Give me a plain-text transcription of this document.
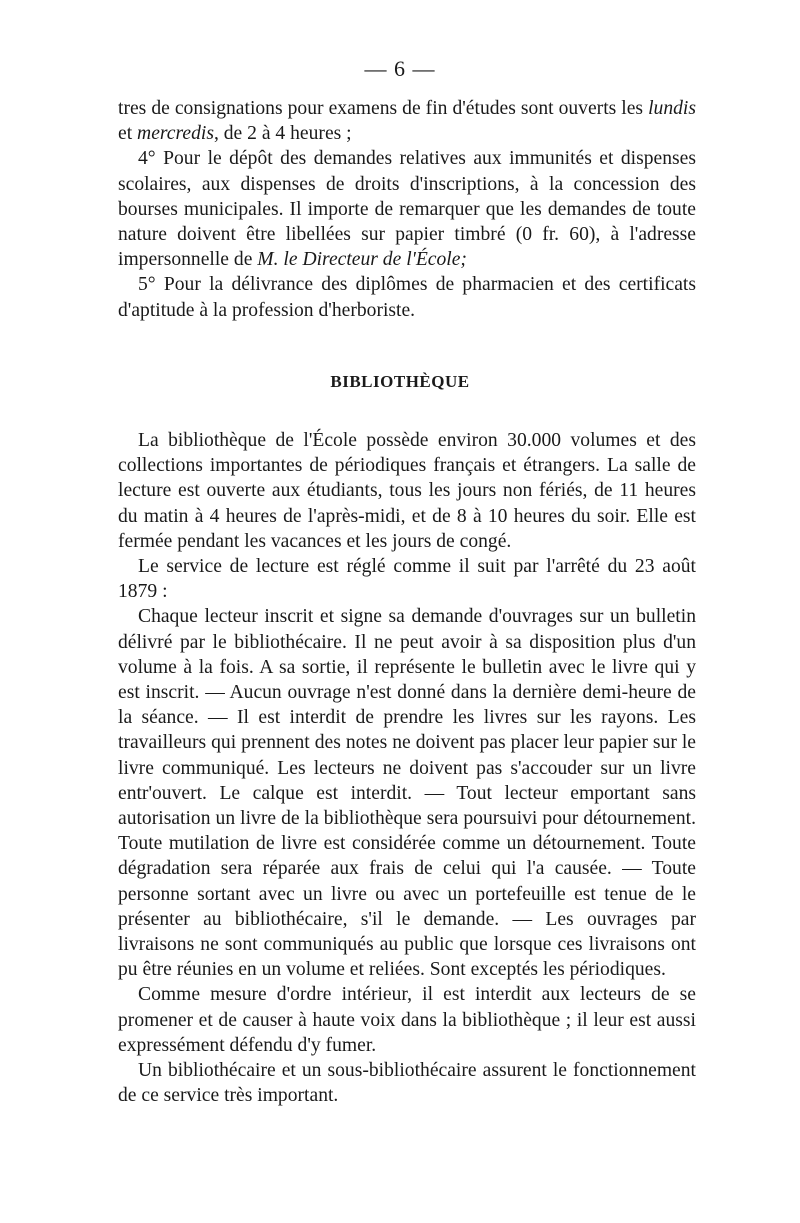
— 6 —

tres de consignations pour examens de fin d'études sont ouverts les lundis et mercredis, de 2 à 4 heures ;

4° Pour le dépôt des demandes relatives aux immunités et dispenses scolaires, aux dispenses de droits d'inscriptions, à la concession des bourses municipales. Il importe de remarquer que les demandes de toute nature doivent être libellées sur papier timbré (0 fr. 60), à l'adresse impersonnelle de M. le Directeur de l'École;

5° Pour la délivrance des diplômes de pharmacien et des certificats d'aptitude à la profession d'herboriste.

BIBLIOTHÈQUE

La bibliothèque de l'École possède environ 30.000 volumes et des collections importantes de périodiques français et étrangers. La salle de lecture est ouverte aux étudiants, tous les jours non fériés, de 11 heures du matin à 4 heures de l'après-midi, et de 8 à 10 heures du soir. Elle est fermée pendant les vacances et les jours de congé.

Le service de lecture est réglé comme il suit par l'arrêté du 23 août 1879 :

Chaque lecteur inscrit et signe sa demande d'ouvrages sur un bulletin délivré par le bibliothécaire. Il ne peut avoir à sa disposition plus d'un volume à la fois. A sa sortie, il représente le bulletin avec le livre qui y est inscrit. — Aucun ouvrage n'est donné dans la dernière demi-heure de la séance. — Il est interdit de prendre les livres sur les rayons. Les travailleurs qui prennent des notes ne doivent pas placer leur papier sur le livre communiqué. Les lecteurs ne doivent pas s'accouder sur un livre entr'ouvert. Le calque est interdit. — Tout lecteur emportant sans autorisation un livre de la bibliothèque sera poursuivi pour détournement. Toute mutilation de livre est considérée comme un détournement. Toute dégradation sera réparée aux frais de celui qui l'a causée. — Toute personne sortant avec un livre ou avec un portefeuille est tenue de le présenter au bibliothécaire, s'il le demande. — Les ouvrages par livraisons ne sont communiqués au public que lorsque ces livraisons ont pu être réunies en un volume et reliées. Sont exceptés les périodiques.

Comme mesure d'ordre intérieur, il est interdit aux lecteurs de se promener et de causer à haute voix dans la bibliothèque ; il leur est aussi expressément défendu d'y fumer.

Un bibliothécaire et un sous-bibliothécaire assurent le fonctionnement de ce service très important.
